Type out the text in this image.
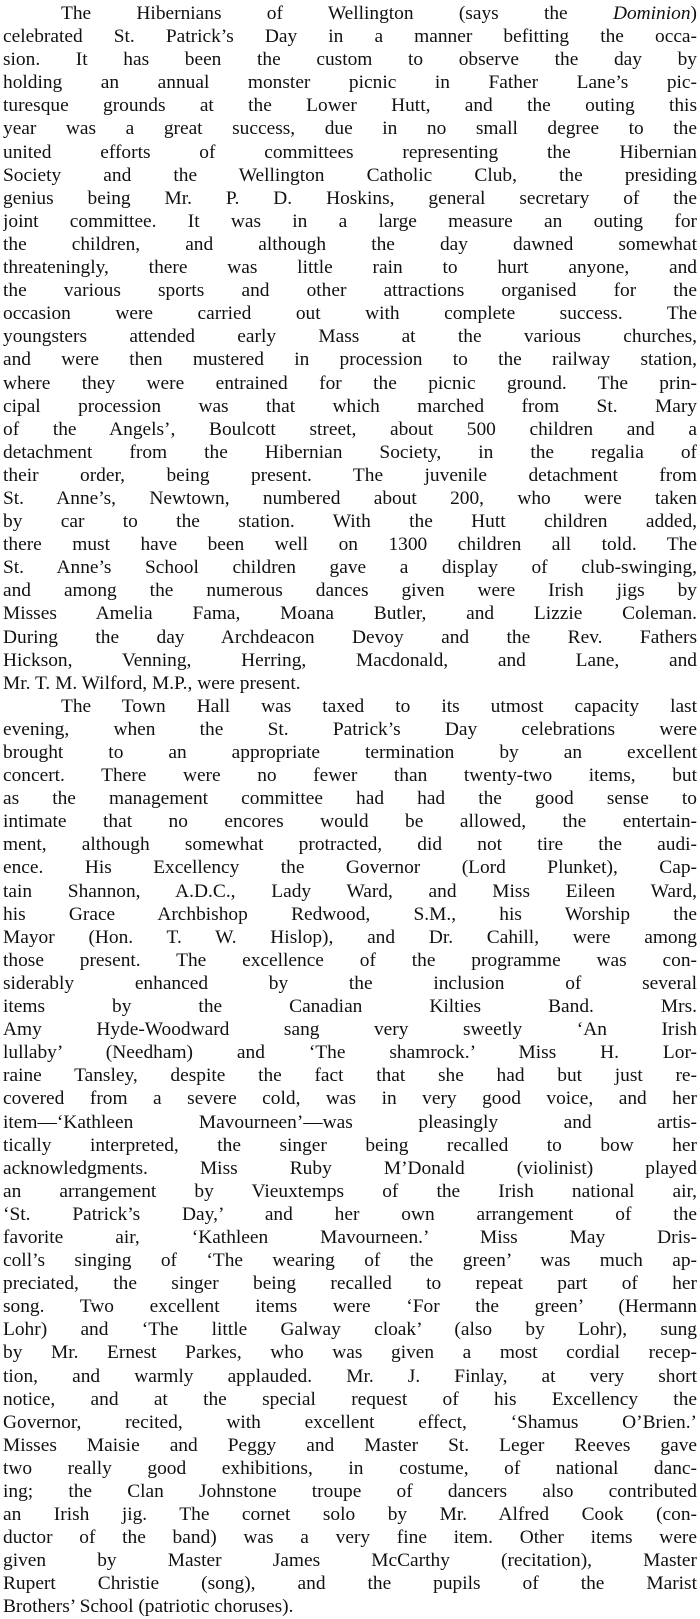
The Hibernians of Wellington (says the Dominion)
celebrated St. Patrick’s Day in a manner befitting the occa-
sion. It has been the custom to observe the day by
holding an annual monster picnic in Father Lane’s pic-
turesque grounds at the Lower Hutt, and the outing this
year was a great success, due in no small degree to the
united efforts of committees representing the Hibernian
Society and the Wellington Catholic Club, the presiding
genius being Mr. P. D. Hoskins, general secretary of the
joint committee. It was in a large measure an outing for
the children, and although the day dawned somewhat
threateningly, there was little rain to hurt anyone, and
the various sports and other attractions organised for the
occasion were carried out with complete success. The
youngsters attended early Mass at the various churches,
and were then mustered in procession to the railway station,
where they were entrained for the picnic ground. The prin-
cipal procession was that which marched from St. Mary
of the Angels’, Boulcott street, about 500 children and a
detachment from the Hibernian Society, in the regalia of
their order, being present. The juvenile detachment from
St. Anne’s, Newtown, numbered about 200, who were taken
by car to the station. With the Hutt children added,
there must have been well on 1300 children all told. The
St. Anne’s School children gave a display of club-swinging,
and among the numerous dances given were Irish jigs by
Misses Amelia Fama, Moana Butler, and Lizzie Coleman.
During the day Archdeacon Devoy and the Rev. Fathers
Hickson, Venning, Herring, Macdonald, and Lane, and
Mr. T. M. Wilford, M.P., were present.
The Town Hall was taxed to its utmost capacity last
evening, when the St. Patrick’s Day celebrations were
brought to an appropriate termination by an excellent
concert. There were no fewer than twenty-two items, but
as the management committee had had the good sense to
intimate that no encores would be allowed, the entertain-
ment, although somewhat protracted, did not tire the audi-
ence. His Excellency the Governor (Lord Plunket), Cap-
tain Shannon, A.D.C., Lady Ward, and Miss Eileen Ward,
his Grace Archbishop Redwood, S.M., his Worship the
Mayor (Hon. T. W. Hislop), and Dr. Cahill, were among
those present. The excellence of the programme was con-
siderably enhanced by the inclusion of several
items by the Canadian Kilties Band. Mrs.
Amy Hyde-Woodward sang very sweetly ‘An Irish
lullaby’ (Needham) and ‘The shamrock.’ Miss H. Lor-
raine Tansley, despite the fact that she had but just re-
covered from a severe cold, was in very good voice, and her
item—‘Kathleen Mavourneen’—was pleasingly and artis-
tically interpreted, the singer being recalled to bow her
acknowledgments. Miss Ruby M’Donald (violinist) played
an arrangement by Vieuxtemps of the Irish national air,
‘St. Patrick’s Day,’ and her own arrangement of the
favorite air, ‘Kathleen Mavourneen.’ Miss May Dris-
coll’s singing of ‘The wearing of the green’ was much ap-
preciated, the singer being recalled to repeat part of her
song. Two excellent items were ‘For the green’ (Hermann
Lohr) and ‘The little Galway cloak’ (also by Lohr), sung
by Mr. Ernest Parkes, who was given a most cordial recep-
tion, and warmly applauded. Mr. J. Finlay, at very short
notice, and at the special request of his Excellency the
Governor, recited, with excellent effect, ‘Shamus O’Brien.’
Misses Maisie and Peggy and Master St. Leger Reeves gave
two really good exhibitions, in costume, of national danc-
ing; the Clan Johnstone troupe of dancers also contributed
an Irish jig. The cornet solo by Mr. Alfred Cook (con-
ductor of the band) was a very fine item. Other items were
given by Master James McCarthy (recitation), Master
Rupert Christie (song), and the pupils of the Marist
Brothers’ School (patriotic choruses).
